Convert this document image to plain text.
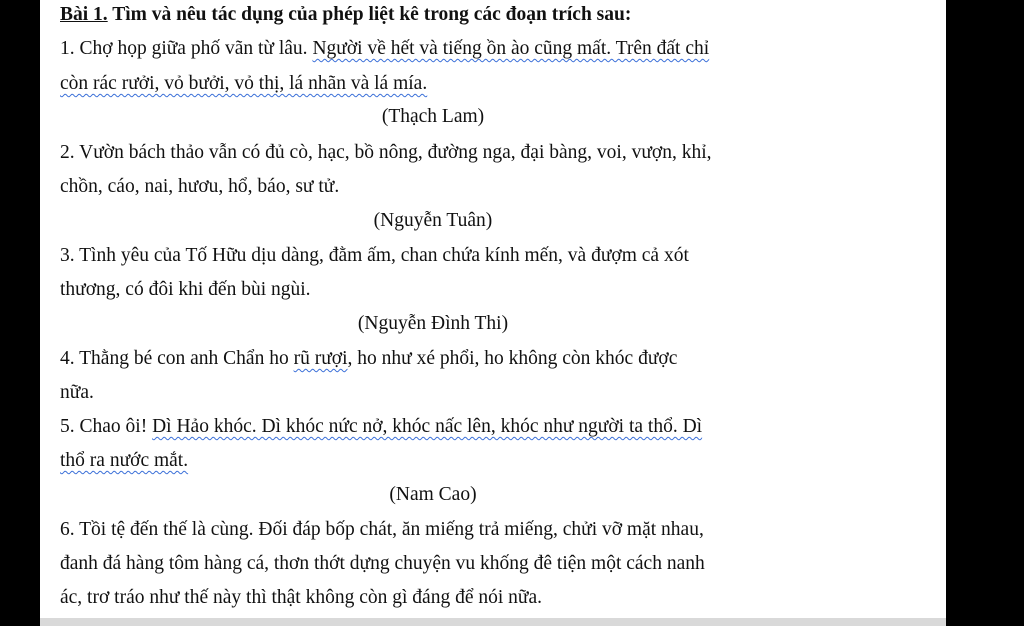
Bài 1. Tìm và nêu tác dụng của phép liệt kê trong các đoạn trích sau:
1. Chợ họp giữa phố vãn từ lâu. Người về hết và tiếng ồn ào cũng mất. Trên đất chỉ
còn rác rưởi, vỏ bưởi, vỏ thị, lá nhãn và lá mía.
(Thạch Lam)
2. Vườn bách thảo vẫn có đủ cò, hạc, bồ nông, đường nga, đại bàng, voi, vượn, khỉ,
chồn, cáo, nai, hươu, hổ, báo, sư tử.
(Nguyễn Tuân)
3. Tình yêu của Tố Hữu dịu dàng, đằm ấm, chan chứa kính mến, và đượm cả xót
thương, có đôi khi đến bùi ngùi.
(Nguyễn Đình Thi)
4. Thằng bé con anh Chẩn ho rũ rượi, ho như xé phổi, ho không còn khóc được
nữa.
5. Chao ôi! Dì Hảo khóc. Dì khóc nức nở, khóc nấc lên, khóc như người ta thổ. Dì
thổ ra nước mắt.
(Nam Cao)
6. Tồi tệ đến thế là cùng. Đối đáp bốp chát, ăn miếng trả miếng, chửi vỡ mặt nhau,
đanh đá hàng tôm hàng cá, thơn thớt dựng chuyện vu khống đê tiện một cách nanh
ác, trơ tráo như thế này thì thật không còn gì đáng để nói nữa.
